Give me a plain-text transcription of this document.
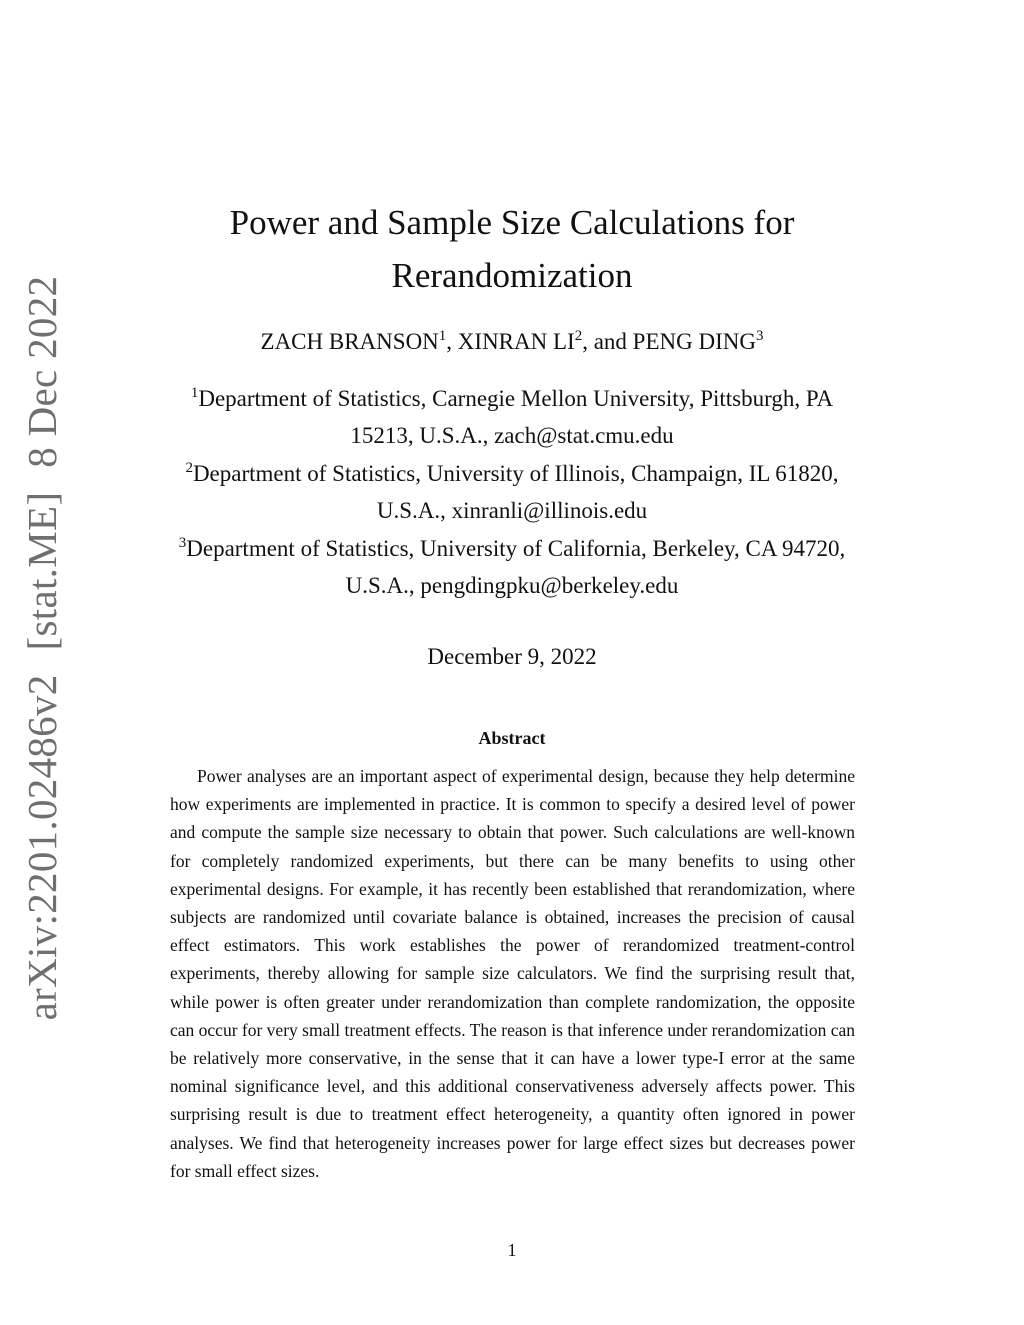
arXiv:2201.02486v2[stat.ME]8 Dec 2022
Power and Sample Size Calculations for
Rerandomization
ZACH BRANSON$^1$, XINRAN $LI^2$, and PENG DING$^3$
$^1$Department of Statistics, Carnegie Mellon University, Pittsburgh, PA
15213, U.S.A., zach@stat.cmu.edu
$^2$Department of Statistics, University of Illinois, Champaign, IL 61820,
U.S.A., xinranli@illinois.edu
$^3$Department of Statistics, University of California, Berkeley, CA 94720,
U.S.A., pengdingpku@berkeley.edu
December 9, 2022
Abstract

Power analyses are an important aspect of experimental design, because they help determine how experiments are implemented in practice. It is common to specify a desired level of power and compute the sample size necessary to obtain that power. Such calculations are well-known for completely randomized experiments, but there can be many benefits to using other experimental designs. For example, it has recently been established that rerandomization, where subjects are randomized until covariate balance is obtained, increases the precision of causal effect estimators. This work establishes the power of rerandomized treatment-control experiments, thereby allowing for sample size calculators. We find the surprising result that, while power is often greater under rerandomization than complete randomization, the opposite can occur for very small treatment effects. The reason is that inference under rerandomization can be relatively more conservative, in the sense that it can have a lower type-I error at the same nominal significance level, and this additional conservativeness adversely affects power. This surprising result is due to treatment effect heterogeneity, a quantity often ignored in power analyses. We find that heterogeneity increases power for large effect sizes but decreases power for small effect sizes.

1
